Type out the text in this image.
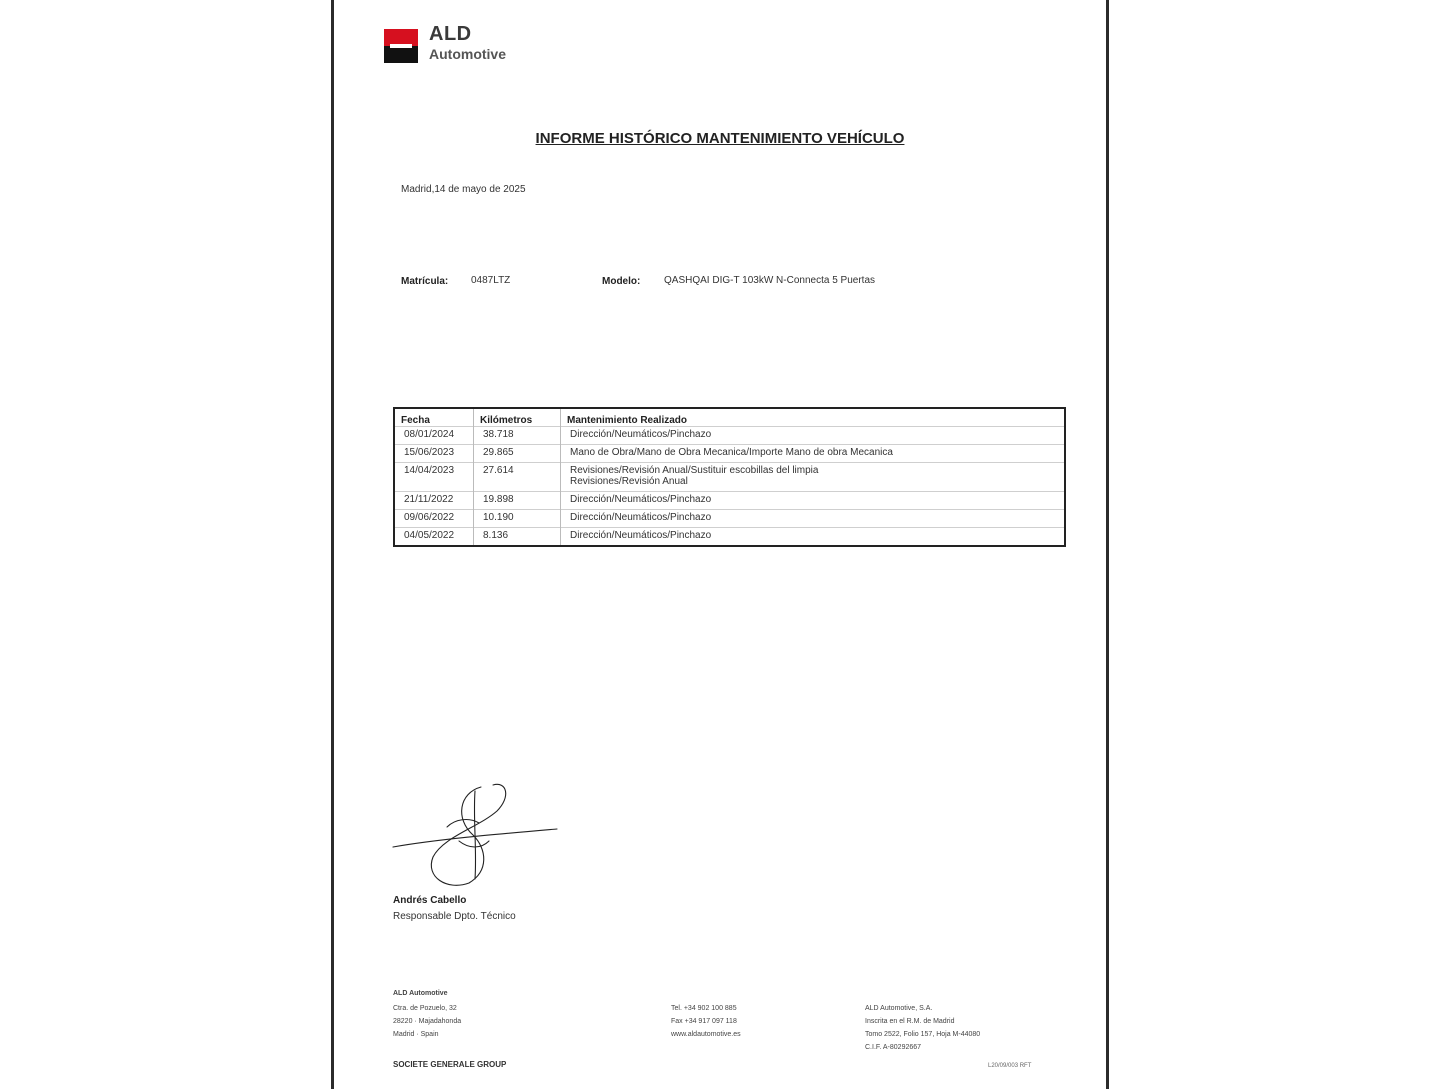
ALD
Automotive
INFORME HISTÓRICO MANTENIMIENTO VEHÍCULO
Madrid,14 de mayo de 2025
Matrícula: 0487LTZ	Modelo: QASHQAI DIG-T 103kW N-Connecta 5 Puertas
Fecha	Kilómetros	Mantenimiento Realizado
08/01/2024	38.718	Dirección/Neumáticos/Pinchazo
15/06/2023	29.865	Mano de Obra/Mano de Obra Mecanica/Importe Mano de obra Mecanica
14/04/2023	27.614	Revisiones/Revisión Anual/Sustituir escobillas del limpia
Revisiones/Revisión Anual

21/11/2022	19.898	Dirección/Neumáticos/Pinchazo
09/06/2022	10.190	Dirección/Neumáticos/Pinchazo
04/05/2022	8.136	Dirección/Neumáticos/Pinchazo
Andrés Cabello
Responsable Dpto. Técnico
ALD Automotive
Ctra. de Pozuelo, 32
28220 · Majadahonda
Madrid · Spain
Tel. +34 902 100 885
Fax +34 917 097 118
www.aldautomotive.es
ALD Automotive, S.A.
Inscrita en el R.M. de Madrid
Tomo 2522, Folio 157, Hoja M-44080
C.I.F. A-80292667
SOCIETE GENERALE GROUP	L20/09/003 RFT
